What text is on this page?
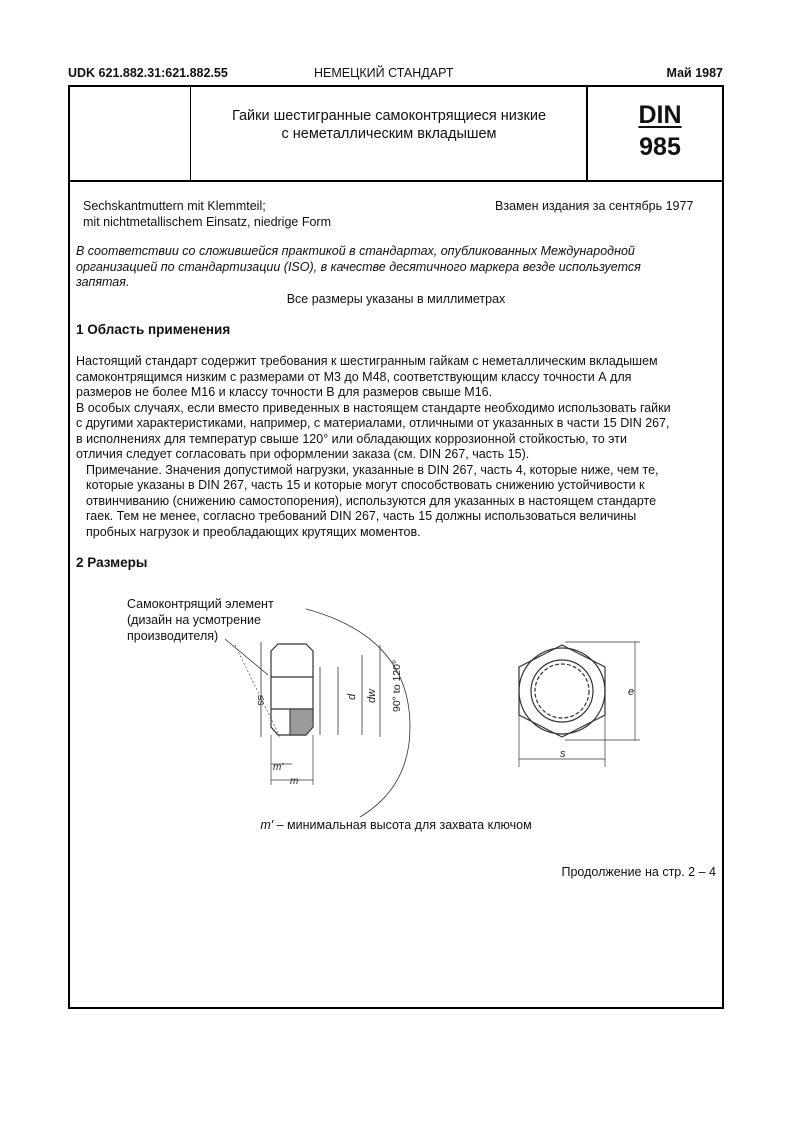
UDK 621.882.31:621.882.55	НЕМЕЦКИЙ СТАНДАРТ	Май 1987
Гайки шестигранные самоконтрящиеся низкие
с неметаллическим вкладышем
DIN
985
Sechskantmuttern mit Klemmteil;
mit nichtmetallischem Einsatz, niedrige Form
Взамен издания за сентябрь 1977
В соответствии со сложившейся практикой в стандартах, опубликованных Международной
организацией по стандартизации (ISO), в качестве десятичного маркера везде используется
запятая.
Все размеры указаны в миллиметрах
1 Область применения
Настоящий стандарт содержит требования к шестигранным гайкам с неметаллическим вкладышем
самоконтрящимся низким с размерами от М3 до М48, соответствующим классу точности А для
размеров не более М16 и классу точности В для размеров свыше М16.
В особых случаях, если вместо приведенных в настоящем стандарте необходимо использовать гайки
с другими характеристиками, например, с материалами, отличными от указанных в части 15 DIN 267,
в исполнениях для температур свыше 120° или обладающих коррозионной стойкостью, то эти
отличия следует согласовать при оформлении заказа (см. DIN 267, часть 15).
Примечание. Значения допустимой нагрузки, указанные в DIN 267, часть 4, которые ниже, чем те,
которые указаны в DIN 267, часть 15 и которые могут способствовать снижению устойчивости к
отвинчиванию (снижению самостопорения), используются для указанных в настоящем стандарте
гаек. Тем не менее, согласно требований DIN 267, часть 15 должны использоваться величины
пробных нагрузок и преобладающих крутящих моментов.
2 Размеры
Самоконтрящий элемент
(дизайн на усмотрение
производителя)
m'
m
≤s	d dw 90° to 120°	e
s
m' – минимальная высота для захвата ключом
Продолжение на стр. 2 – 4
